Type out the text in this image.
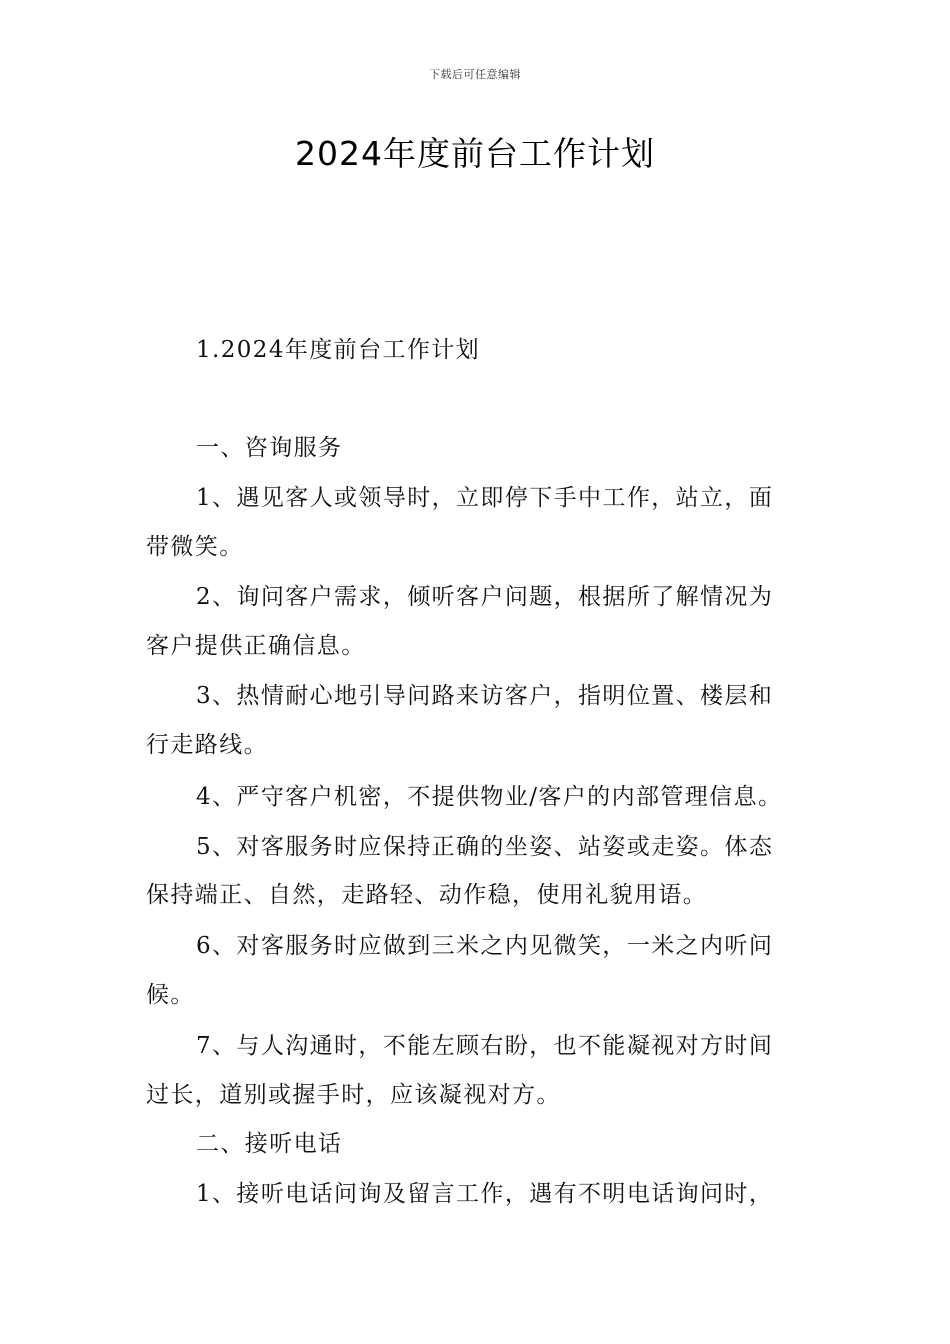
下载后可任意编辑
2024年度前台工作计划
1.2024年度前台工作计划
一、咨询服务
1、遇见客人或领导时，立即停下手中工作，站立，面
带微笑。
2、询问客户需求，倾听客户问题，根据所了解情况为
客户提供正确信息。
3、热情耐心地引导问路来访客户，指明位置、楼层和
行走路线。
4、严守客户机密，不提供物业/客户的内部管理信息。
5、对客服务时应保持正确的坐姿、站姿或走姿。体态
保持端正、自然，走路轻、动作稳，使用礼貌用语。
6、对客服务时应做到三米之内见微笑，一米之内听问
候。
7、与人沟通时，不能左顾右盼，也不能凝视对方时间
过长，道别或握手时，应该凝视对方。
二、接听电话
1、接听电话问询及留言工作，遇有不明电话询问时，
